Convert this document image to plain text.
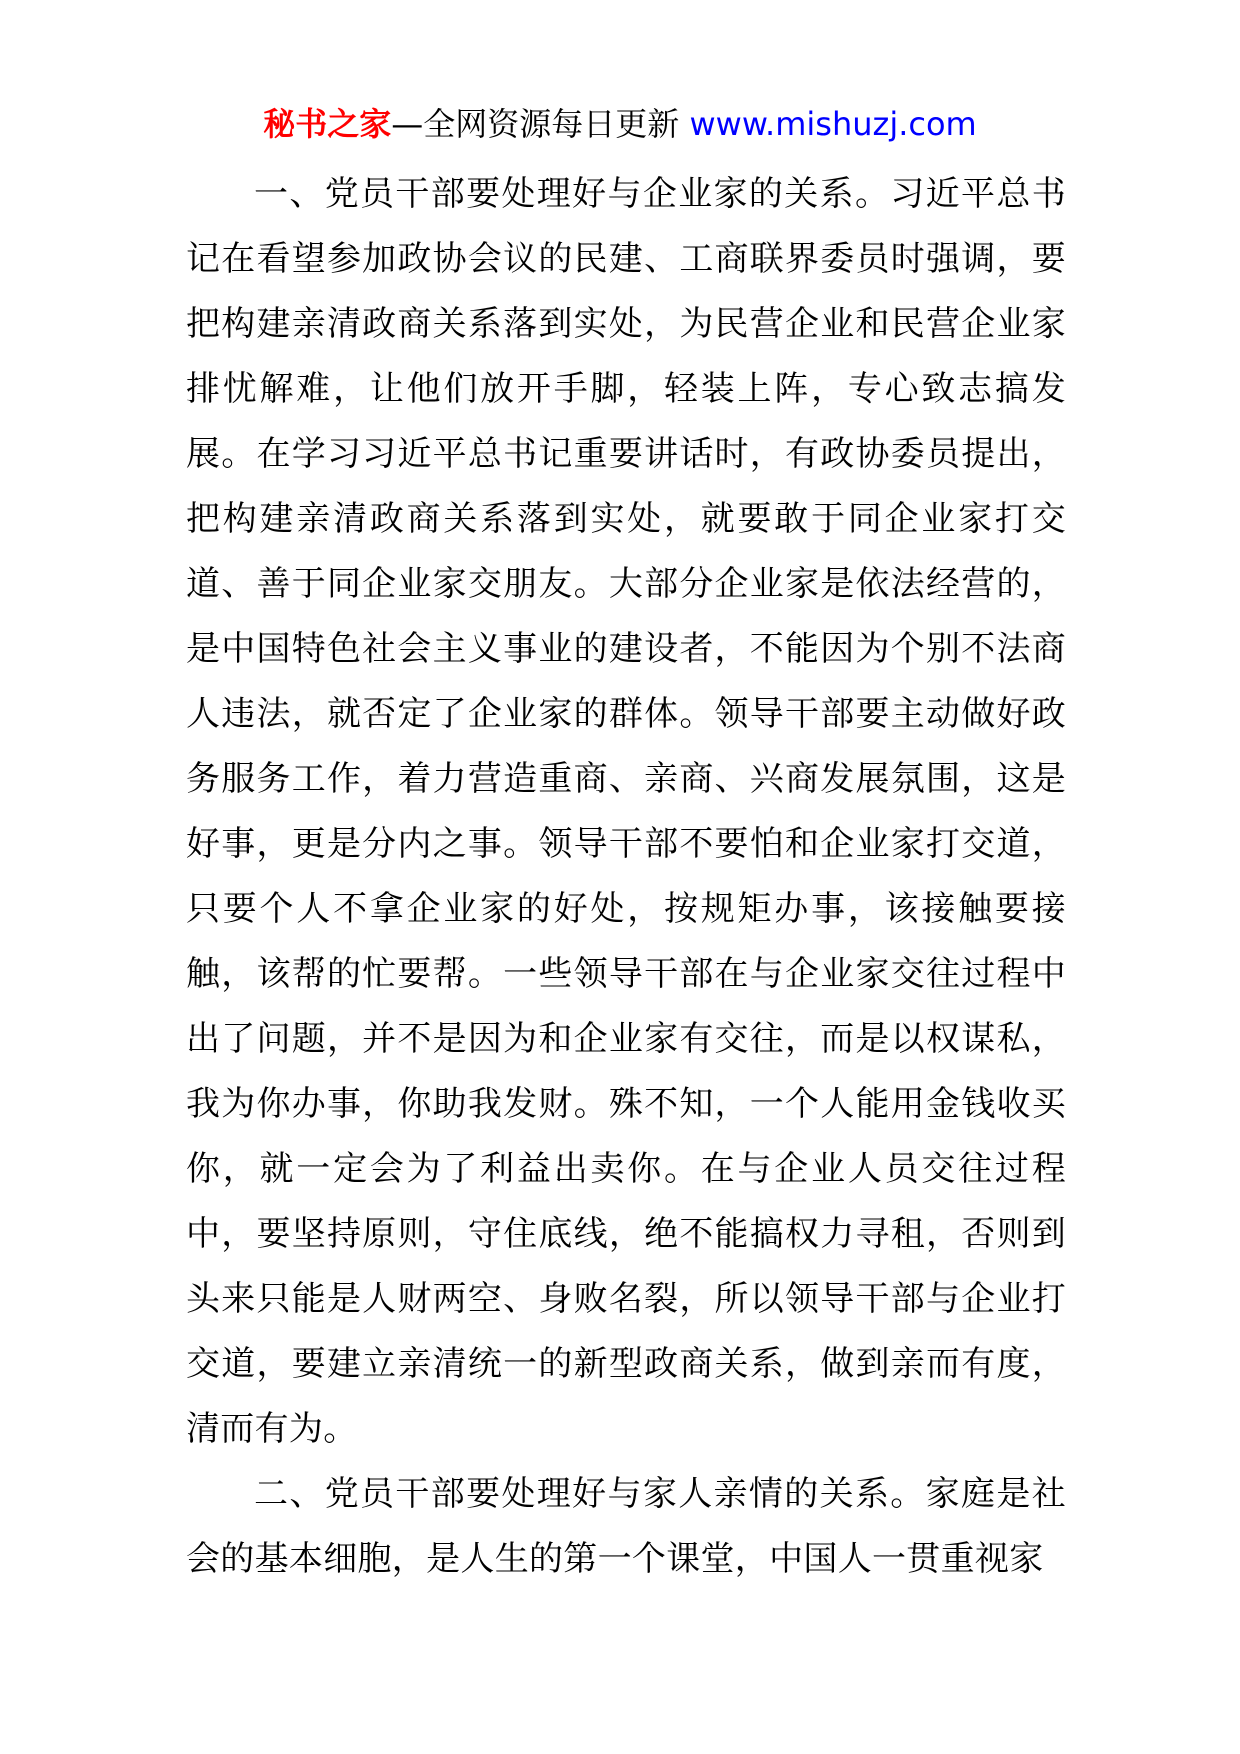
秘书之家—全网资源每日更新 www.mishuzj.com

一、党员干部要处理好与企业家的关系。习近平总书记在看望参加政协会议的民建、工商联界委员时强调，要把构建亲清政商关系落到实处，为民营企业和民营企业家排忧解难，让他们放开手脚，轻装上阵，专心致志搞发展。在学习习近平总书记重要讲话时，有政协委员提出，把构建亲清政商关系落到实处，就要敢于同企业家打交道、善于同企业家交朋友。大部分企业家是依法经营的，是中国特色社会主义事业的建设者，不能因为个别不法商人违法，就否定了企业家的群体。领导干部要主动做好政务服务工作，着力营造重商、亲商、兴商发展氛围，这是好事，更是分内之事。领导干部不要怕和企业家打交道，只要个人不拿企业家的好处，按规矩办事，该接触要接触，该帮的忙要帮。一些领导干部在与企业家交往过程中出了问题，并不是因为和企业家有交往，而是以权谋私，我为你办事，你助我发财。殊不知，一个人能用金钱收买你，就一定会为了利益出卖你。在与企业人员交往过程中，要坚持原则，守住底线，绝不能搞权力寻租，否则到头来只能是人财两空、身败名裂，所以领导干部与企业打交道，要建立亲清统一的新型政商关系，做到亲而有度，清而有为。

二、党员干部要处理好与家人亲情的关系。家庭是社会的基本细胞，是人生的第一个课堂，中国人一贯重视家
